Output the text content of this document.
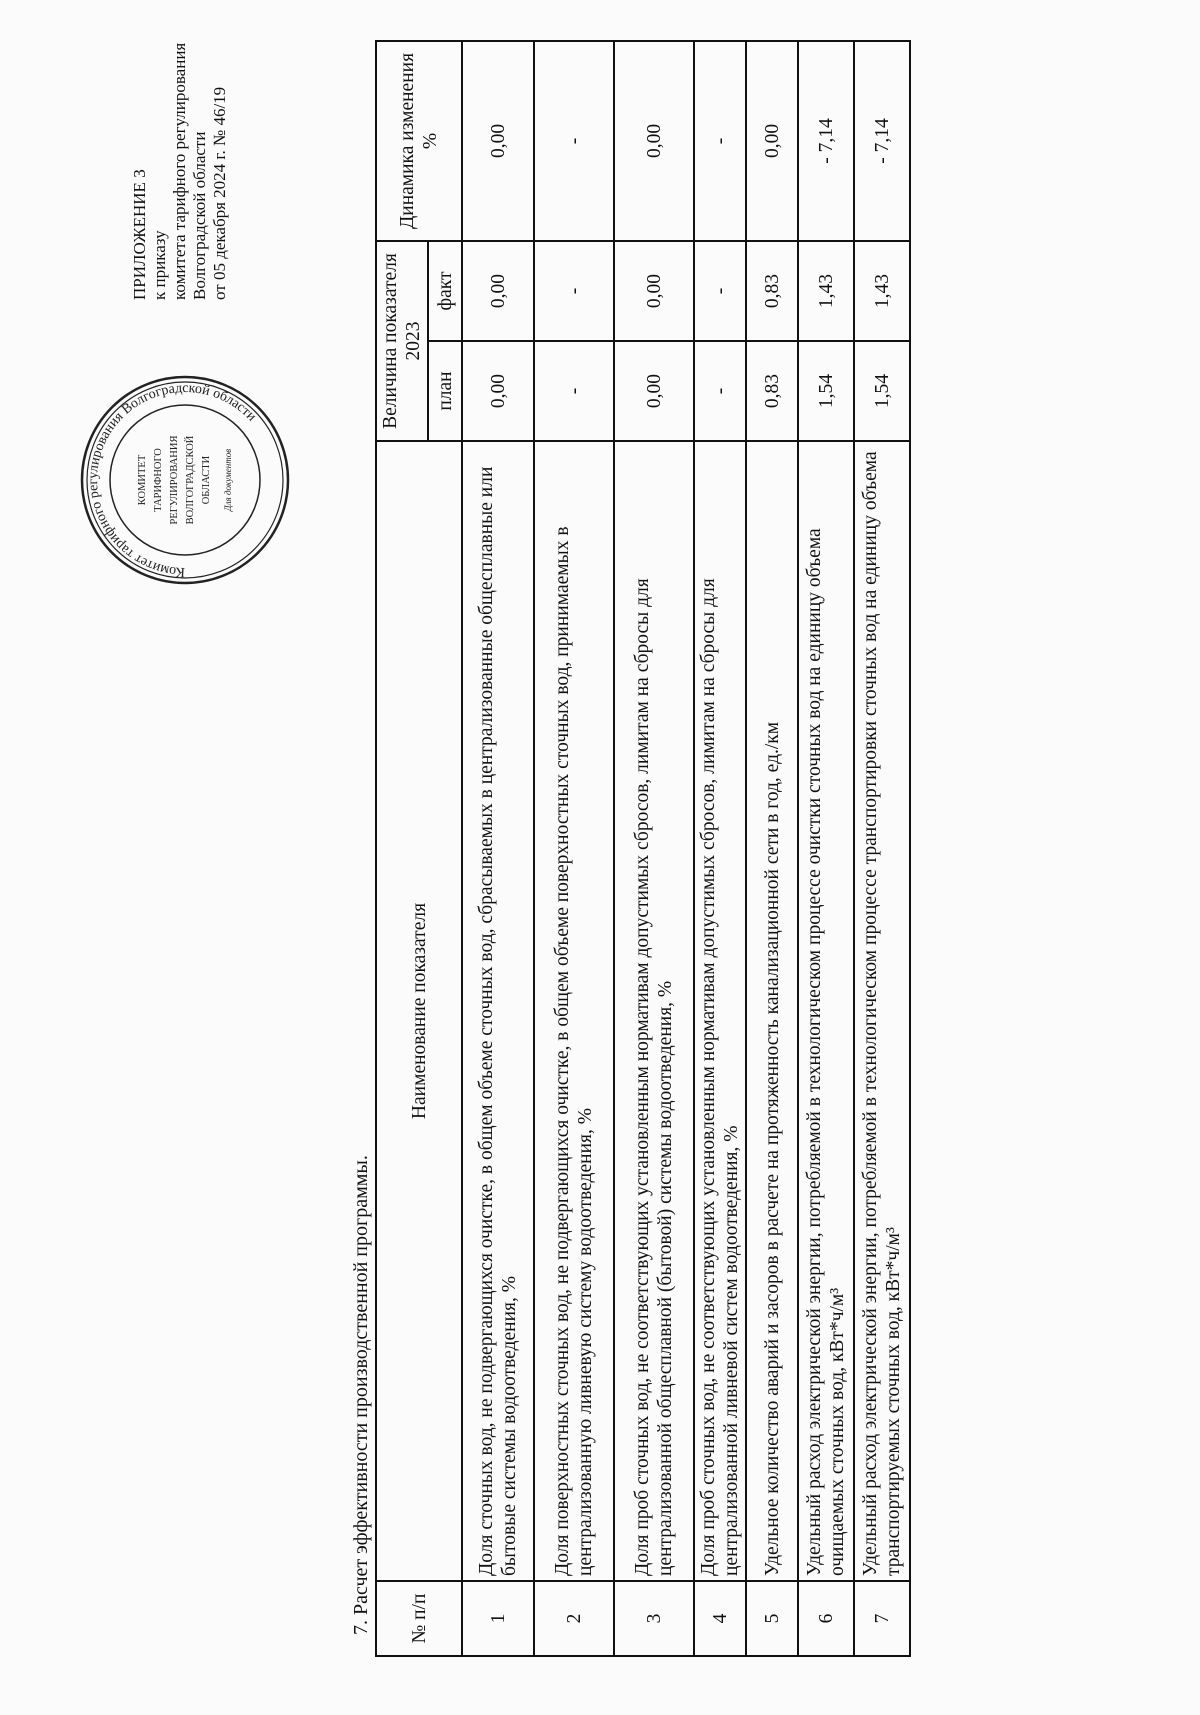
ПРИЛОЖЕНИЕ 3 к приказу комитета тарифного регулирования Волгоградской области от 05 декабря 2024 г. № 46/19
Комитет тарифного регулирования Волгоградской области
КОМИТЕТ ТАРИФНОГО РЕГУЛИРОВАНИЯ ВОЛГОГРАДСКОЙ ОБЛАСТИ Для документов
7. Расчет эффективности производственной программы. № п/п	Наименование показателя	Величина показателя 2023		Динамика изменения %
		план	факт	
1	Доля сточных вод, не подвергающихся очистке, в общем объеме сточных вод, сбрасываемых в централизованные общесплавные или бытовые системы водоотведения, %	0,00	0,00	0,00
2	Доля поверхностных сточных вод, не подвергающихся очистке, в общем объеме поверхностных сточных вод, принимаемых в централизованную ливневую систему водоотведения, %	-	-	-
3	Доля проб сточных вод, не соответствующих установленным нормативам допустимых сбросов, лимитам на сбросы для централизованной общесплавной (бытовой) системы водоотведения, %	0,00	0,00	0,00
4	Доля проб сточных вод, не соответствующих установленным нормативам допустимых сбросов, лимитам на сбросы для централизованной ливневой систем водоотведения, %	-	-	-
5	Удельное количество аварий и засоров в расчете на протяженность канализационной сети в год, ед./км	0,83	0,83	0,00
6	Удельный расход электрической энергии, потребляемой в технологическом процессе очистки сточных вод на единицу объема очищаемых сточных вод, кВт*ч/м³	1,54	1,43	- 7,14
7	Удельный расход электрической энергии, потребляемой в технологическом процессе транспортировки сточных вод на единицу объема транспортируемых сточных вод, кВт*ч/м³	1,54	1,43	- 7,14
